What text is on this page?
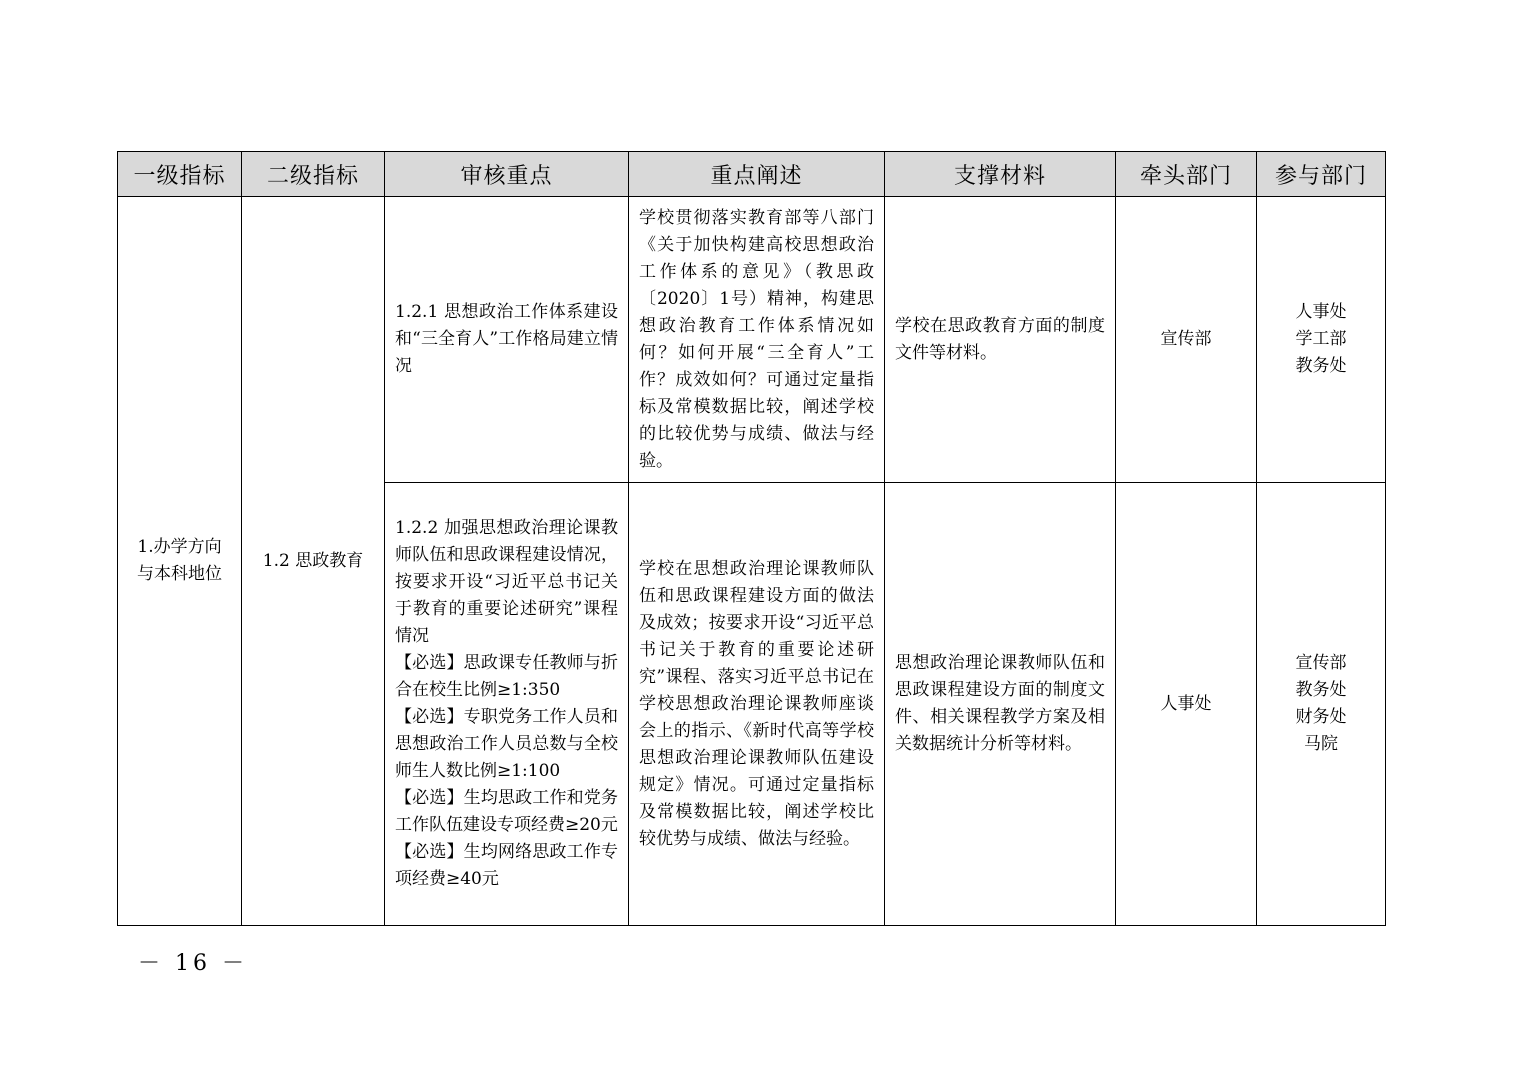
一级指标	二级指标	审核重点	重点阐述	支撑材料	牵头部门	参与部门

1.办学方向
与本科地位	1.2 思政教育	1.2.1 思想政治工作体系建设和“三全育人”工作格局建立情况	学校贯彻落实教育部等八部门《关于加快构建高校思想政治工作体系的意见》（教思政〔2020〕1号）精神，构建思想政治教育工作体系情况如何？如何开展“三全育人”工作？成效如何？可通过定量指标及常模数据比较，阐述学校的比较优势与成绩、做法与经验。	学校在思政教育方面的制度文件等材料。	宣传部	人事处
学工部
教务处

		1.2.2 加强思想政治理论课教师队伍和思政课程建设情况，按要求开设“习近平总书记关于教育的重要论述研究”课程情况
【必选】思政课专任教师与折合在校生比例≥1:350
【必选】专职党务工作人员和思想政治工作人员总数与全校师生人数比例≥1:100
【必选】生均思政工作和党务工作队伍建设专项经费≥20元
【必选】生均网络思政工作专项经费≥40元	学校在思想政治理论课教师队伍和思政课程建设方面的做法及成效；按要求开设“习近平总书记关于教育的重要论述研究”课程、落实习近平总书记在学校思想政治理论课教师座谈会上的指示、《新时代高等学校思想政治理论课教师队伍建设规定》情况。可通过定量指标及常模数据比较，阐述学校比较优势与成绩、做法与经验。	思想政治理论课教师队伍和思政课程建设方面的制度文件、相关课程教学方案及相关数据统计分析等材料。	人事处	宣传部
教务处
财务处
马院
－ 16 －
